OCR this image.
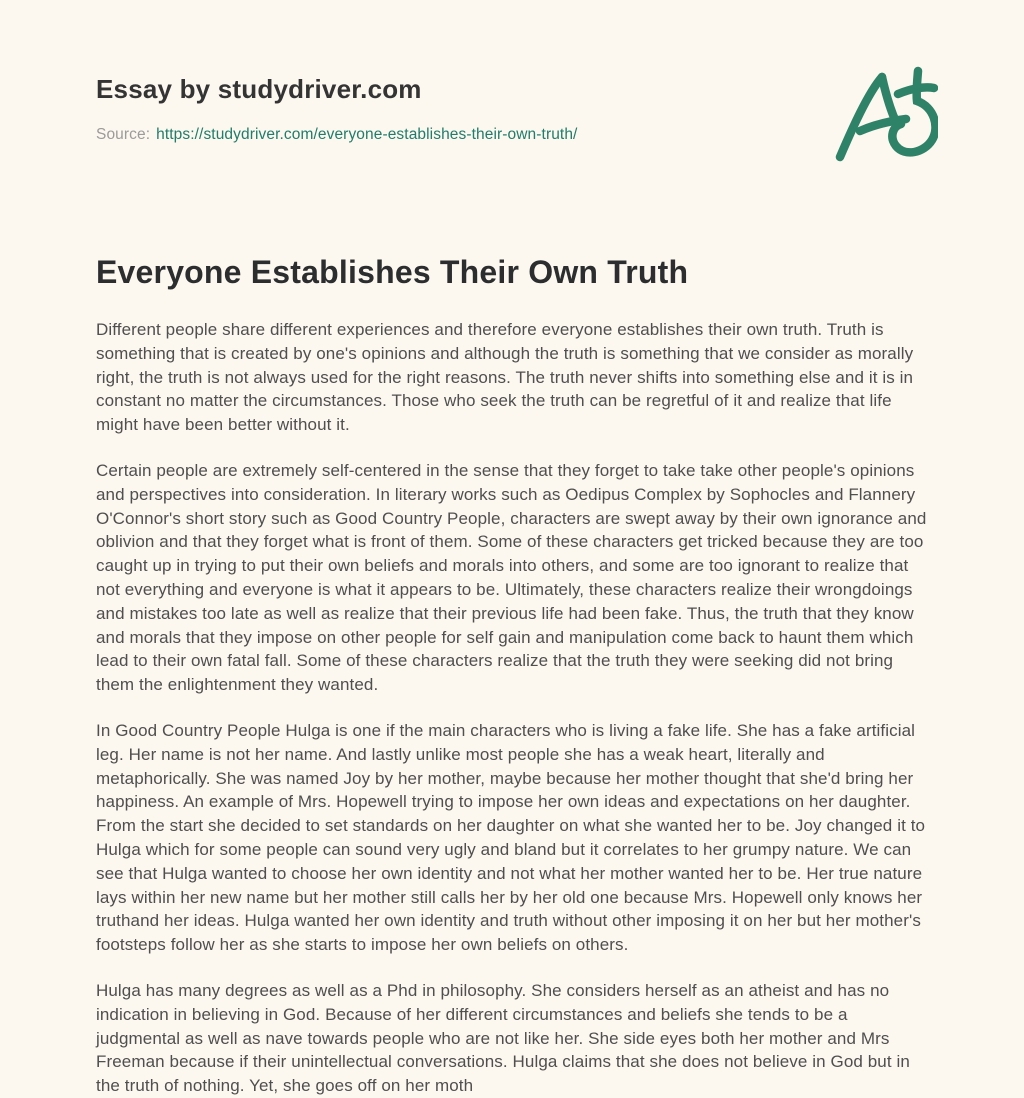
Essay by studydriver.com
Source: https://studydriver.com/everyone-establishes-their-own-truth/
Everyone Establishes Their Own Truth

Different people share different experiences and therefore everyone establishes their own truth. Truth is something that is created by one's opinions and although the truth is something that we consider as morally right, the truth is not always used for the right reasons. The truth never shifts into something else and it is in constant no matter the circumstances. Those who seek the truth can be regretful of it and realize that life might have been better without it.

Certain people are extremely self-centered in the sense that they forget to take take other people's opinions and perspectives into consideration. In literary works such as Oedipus Complex by Sophocles and Flannery O'Connor's short story such as Good Country People, characters are swept away by their own ignorance and oblivion and that they forget what is front of them. Some of these characters get tricked because they are too caught up in trying to put their own beliefs and morals into others, and some are too ignorant to realize that not everything and everyone is what it appears to be. Ultimately, these characters realize their wrongdoings and mistakes too late as well as realize that their previous life had been fake. Thus, the truth that they know and morals that they impose on other people for self gain and manipulation come back to haunt them which lead to their own fatal fall. Some of these characters realize that the truth they were seeking did not bring them the enlightenment they wanted.

In Good Country People Hulga is one if the main characters who is living a fake life. She has a fake artificial leg. Her name is not her name. And lastly unlike most people she has a weak heart, literally and metaphorically. She was named Joy by her mother, maybe because her mother thought that she'd bring her happiness. An example of Mrs. Hopewell trying to impose her own ideas and expectations on her daughter. From the start she decided to set standards on her daughter on what she wanted her to be. Joy changed it to Hulga which for some people can sound very ugly and bland but it correlates to her grumpy nature. We can see that Hulga wanted to choose her own identity and not what her mother wanted her to be. Her true nature lays within her new name but her mother still calls her by her old one because Mrs. Hopewell only knows her truthand her ideas. Hulga wanted her own identity and truth without other imposing it on her but her mother's footsteps follow her as she starts to impose her own beliefs on others.

Hulga has many degrees as well as a Phd in philosophy. She considers herself as an atheist and has no indication in believing in God. Because of her different circumstances and beliefs she tends to be a judgmental as well as nave towards people who are not like her. She side eyes both her mother and Mrs Freeman because if their unintellectual conversations. Hulga claims that she does not believe in God but in the truth of nothing. Yet, she goes off on her moth
